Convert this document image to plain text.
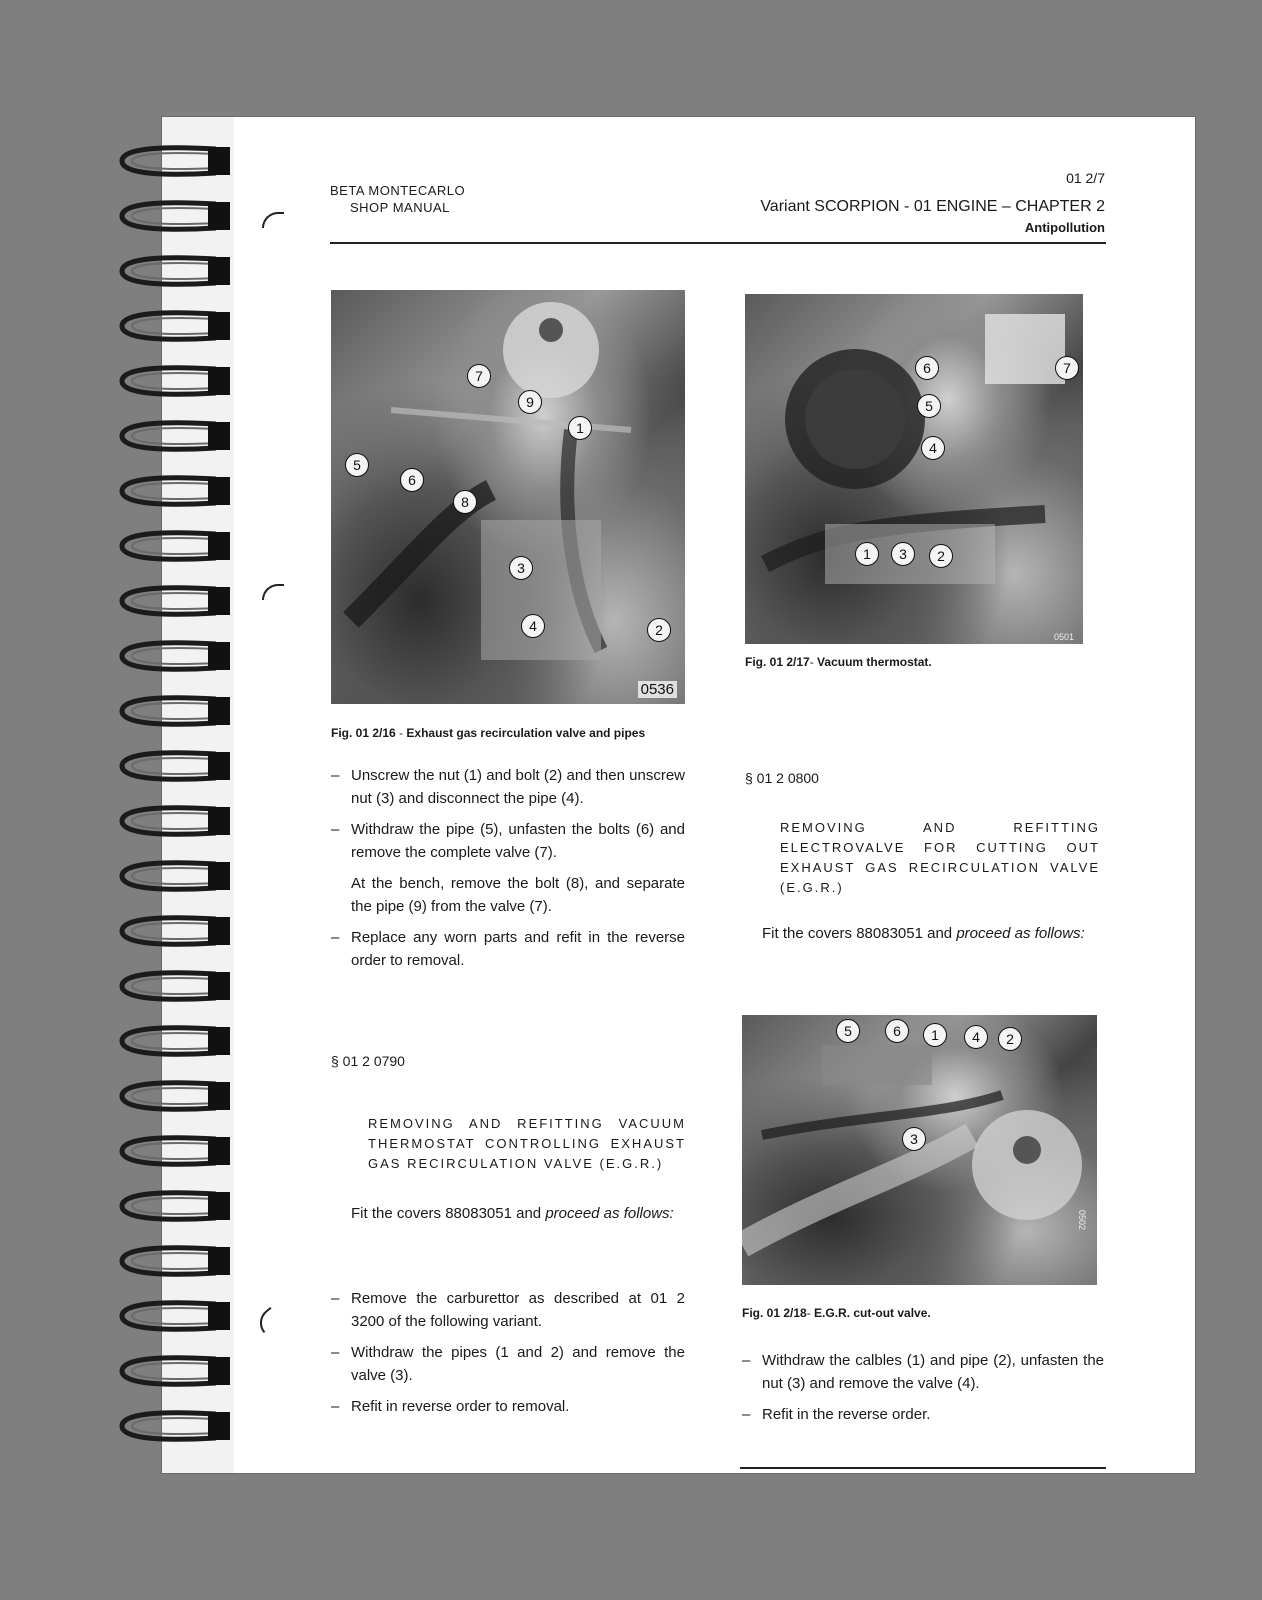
BETA MONTECARLO
SHOP MANUAL
01 2/7
Variant SCORPION - 01 ENGINE – CHAPTER 2
Antipollution
7
9
1
5
6
8
3
4	2
0536
Fig. 01 2/16 - Exhaust gas recirculation valve and pipes
6	7
5
4
1	3	2
0501
Fig. 01 2/17- Vacuum thermostat.
5	6	1	4	2
3
0502
Fig. 01 2/18- E.G.R. cut-out valve.
– Unscrew the nut (1) and bolt (2) and then unscrew nut (3) and disconnect the pipe (4).
– Withdraw the pipe (5), unfasten the bolts (6) and remove the complete valve (7).
At the bench, remove the bolt (8), and separate the pipe (9) from the valve (7).
– Replace any worn parts and refit in the reverse order to removal.
§ 01 2 0790
REMOVING AND REFITTING VACUUM THERMOSTAT CONTROLLING EXHAUST GAS RECIRCULATION VALVE (E.G.R.)
Fit the covers 88083051 and proceed as follows:
– Remove the carburettor as described at 01 2 3200 of the following variant.
– Withdraw the pipes (1 and 2) and remove the valve (3).
– Refit in reverse order to removal.
§ 01 2 0800
REMOVING AND REFITTING ELECTROVALVE FOR CUTTING OUT EXHAUST GAS RECIRCULATION VALVE (E.G.R.)
Fit the covers 88083051 and proceed as follows:
– Withdraw the calbles (1) and pipe (2), unfasten the nut (3) and remove the valve (4).
– Refit in the reverse order.
